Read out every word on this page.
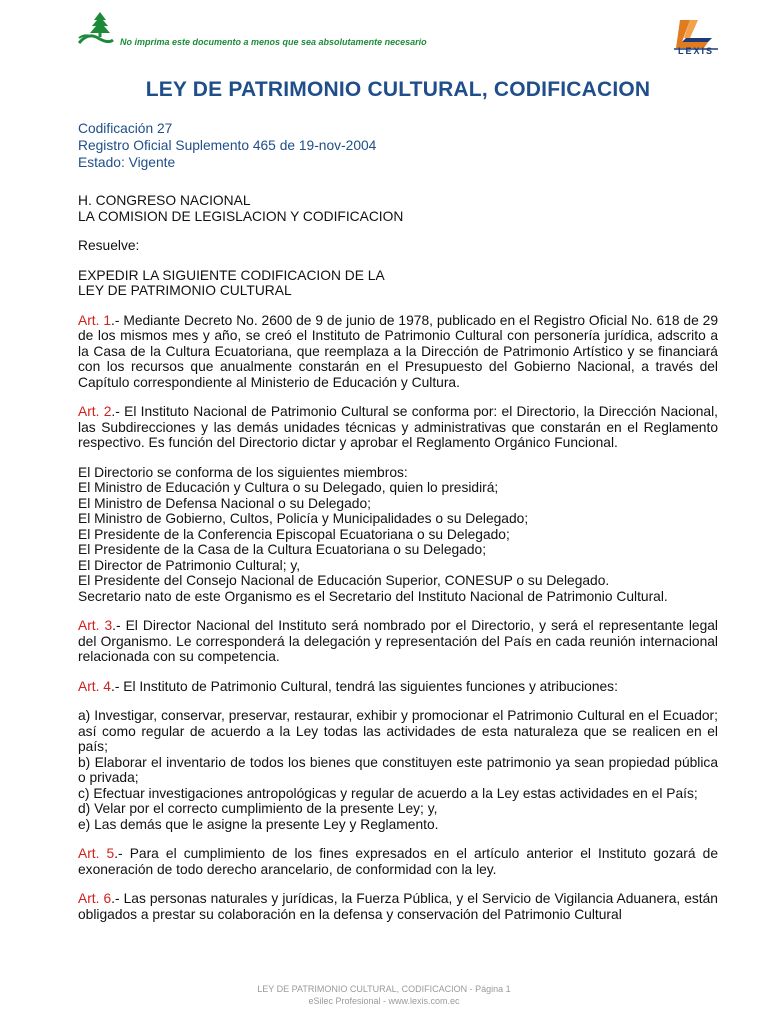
No imprima este documento a menos que sea absolutamente necesario
LEXIS
LEY DE PATRIMONIO CULTURAL, CODIFICACION

Codificación 27

Registro Oficial Suplemento 465 de 19-nov-2004

Estado: Vigente

H. CONGRESO NACIONAL

LA COMISION DE LEGISLACION Y CODIFICACION

Resuelve:

EXPEDIR LA SIGUIENTE CODIFICACION DE LA

LEY DE PATRIMONIO CULTURAL

Art. 1.- Mediante Decreto No. 2600 de 9 de junio de 1978, publicado en el Registro Oficial No. 618 de 29 de los mismos mes y año, se creó el Instituto de Patrimonio Cultural con personería jurídica, adscrito a la Casa de la Cultura Ecuatoriana, que reemplaza a la Dirección de Patrimonio Artístico y se financiará con los recursos que anualmente constarán en el Presupuesto del Gobierno Nacional, a través del Capítulo correspondiente al Ministerio de Educación y Cultura.

Art. 2.- El Instituto Nacional de Patrimonio Cultural se conforma por: el Directorio, la Dirección Nacional, las Subdirecciones y las demás unidades técnicas y administrativas que constarán en el Reglamento respectivo. Es función del Directorio dictar y aprobar el Reglamento Orgánico Funcional.

El Directorio se conforma de los siguientes miembros:

El Ministro de Educación y Cultura o su Delegado, quien lo presidirá;

El Ministro de Defensa Nacional o su Delegado;

El Ministro de Gobierno, Cultos, Policía y Municipalidades o su Delegado;

El Presidente de la Conferencia Episcopal Ecuatoriana o su Delegado;

El Presidente de la Casa de la Cultura Ecuatoriana o su Delegado;

El Director de Patrimonio Cultural; y,

El Presidente del Consejo Nacional de Educación Superior, CONESUP o su Delegado.

Secretario nato de este Organismo es el Secretario del Instituto Nacional de Patrimonio Cultural.

Art. 3.- El Director Nacional del Instituto será nombrado por el Directorio, y será el representante legal del Organismo. Le corresponderá la delegación y representación del País en cada reunión internacional relacionada con su competencia.

Art. 4.- El Instituto de Patrimonio Cultural, tendrá las siguientes funciones y atribuciones:

a) Investigar, conservar, preservar, restaurar, exhibir y promocionar el Patrimonio Cultural en el Ecuador; así como regular de acuerdo a la Ley todas las actividades de esta naturaleza que se realicen en el país;

b) Elaborar el inventario de todos los bienes que constituyen este patrimonio ya sean propiedad pública o privada;

c) Efectuar investigaciones antropológicas y regular de acuerdo a la Ley estas actividades en el País;

d) Velar por el correcto cumplimiento de la presente Ley; y,

e) Las demás que le asigne la presente Ley y Reglamento.

Art. 5.- Para el cumplimiento de los fines expresados en el artículo anterior el Instituto gozará de exoneración de todo derecho arancelario, de conformidad con la ley.

Art. 6.- Las personas naturales y jurídicas, la Fuerza Pública, y el Servicio de Vigilancia Aduanera, están obligados a prestar su colaboración en la defensa y conservación del Patrimonio Cultural

LEY DE PATRIMONIO CULTURAL, CODIFICACION - Página 1
eSilec Profesional - www.lexis.com.ec
